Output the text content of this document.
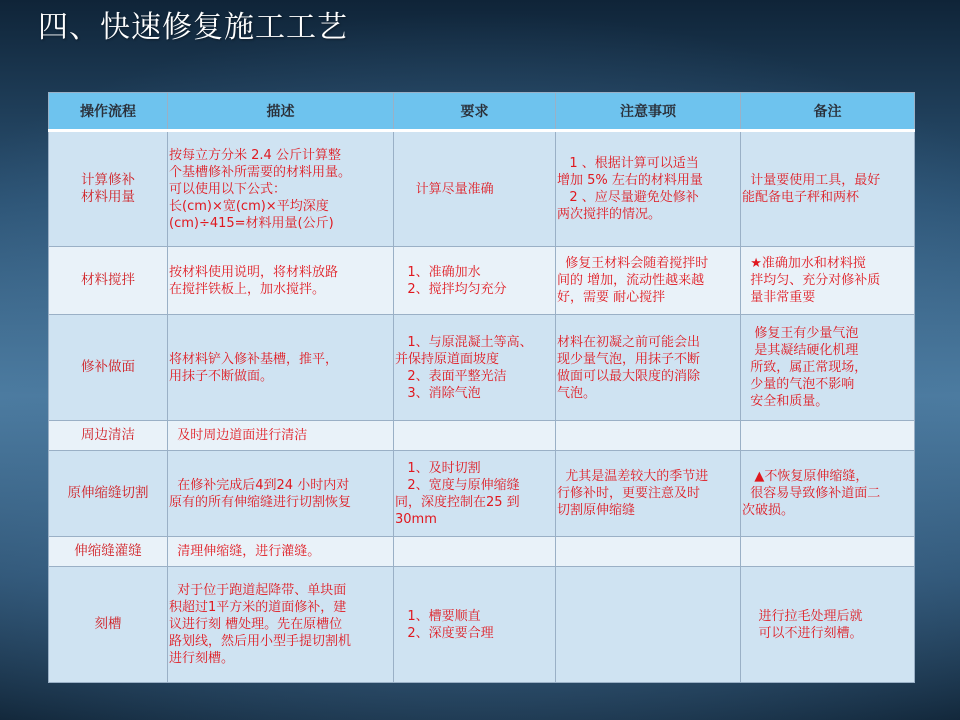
四、快速修复施工工艺
操作流程	描述	要求	注意事项	备注

计算修补
材料用量	按每立方分米 2.4 公斤计算整
个基槽修补所需要的材料用量。
可以使用以下公式：
长(cm)×宽(cm)×平均深度
(cm)÷415=材料用量(公斤)	计算尽量准确	1 、根据计算可以适当
增加 5% 左右的材料用量
2 、应尽量避免处修补
两次搅拌的情况。	计量要使用工具，最好
能配备电子秤和两杯

材料搅拌	按材料使用说明，将材料放路
在搅拌铁板上，加水搅拌。	1、准确加水
2、搅拌均匀充分	修复王材料会随着搅拌时
间的 增加，流动性越来越
好，需要 耐心搅拌	★准确加水和材料搅
拌均匀、充分对修补质
量非常重要

修补做面	将材料铲入修补基槽，推平，
用抹子不断做面。	1、与原混凝土等高、
并保持原道面坡度
2、表面平整光洁
3、消除气泡	材料在初凝之前可能会出
现少量气泡，用抹子不断
做面可以最大限度的消除
气泡。	修复王有少量气泡
是其凝结硬化机理
所致，属正常现场，
少量的气泡不影响
安全和质量。

周边清洁	及时周边道面进行清洁			

原伸缩缝切割	在修补完成后4到24 小时内对
原有的所有伸缩缝进行切割恢复	1、及时切割
2、宽度与原伸缩缝
同，深度控制在25 到
30mm	尤其是温差较大的季节进
行修补时，更要注意及时
切割原伸缩缝	▲不恢复原伸缩缝，
很容易导致修补道面二
次破损。

伸缩缝灌缝	清理伸缩缝，进行灌缝。			

刻槽	对于位于跑道起降带、单块面
积超过1平方米的道面修补，建
议进行刻 槽处理。先在原槽位
路划线，然后用小型手提切割机
进行刻槽。	1、槽要顺直
2、深度要合理		进行拉毛处理后就
可以不进行刻槽。
